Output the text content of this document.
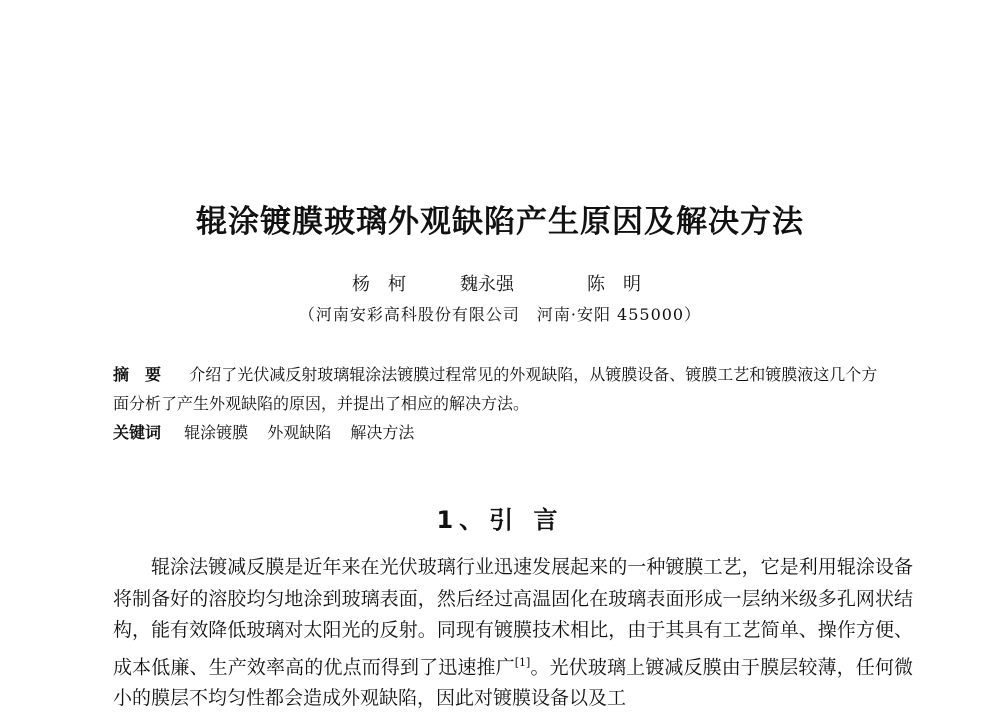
辊涂镀膜玻璃外观缺陷产生原因及解决方法
杨　柯	魏永强	陈　明
（河南安彩高科股份有限公司　河南·安阳 455000）
摘　要 介绍了光伏减反射玻璃辊涂法镀膜过程常见的外观缺陷，从镀膜设备、镀膜工艺和镀膜液这几个方面分析了产生外观缺陷的原因，并提出了相应的解决方法。
关键词 辊涂镀膜 外观缺陷 解决方法
1、引 言
辊涂法镀减反膜是近年来在光伏玻璃行业迅速发展起来的一种镀膜工艺，它是利用辊涂设备将制备好的溶胶均匀地涂到玻璃表面，然后经过高温固化在玻璃表面形成一层纳米级多孔网状结构，能有效降低玻璃对太阳光的反射。同现有镀膜技术相比，由于其具有工艺简单、操作方便、成本低廉、生产效率高的优点而得到了迅速推广[1]。光伏玻璃上镀减反膜由于膜层较薄，任何微小的膜层不均匀性都会造成外观缺陷，因此对镀膜设备以及工
